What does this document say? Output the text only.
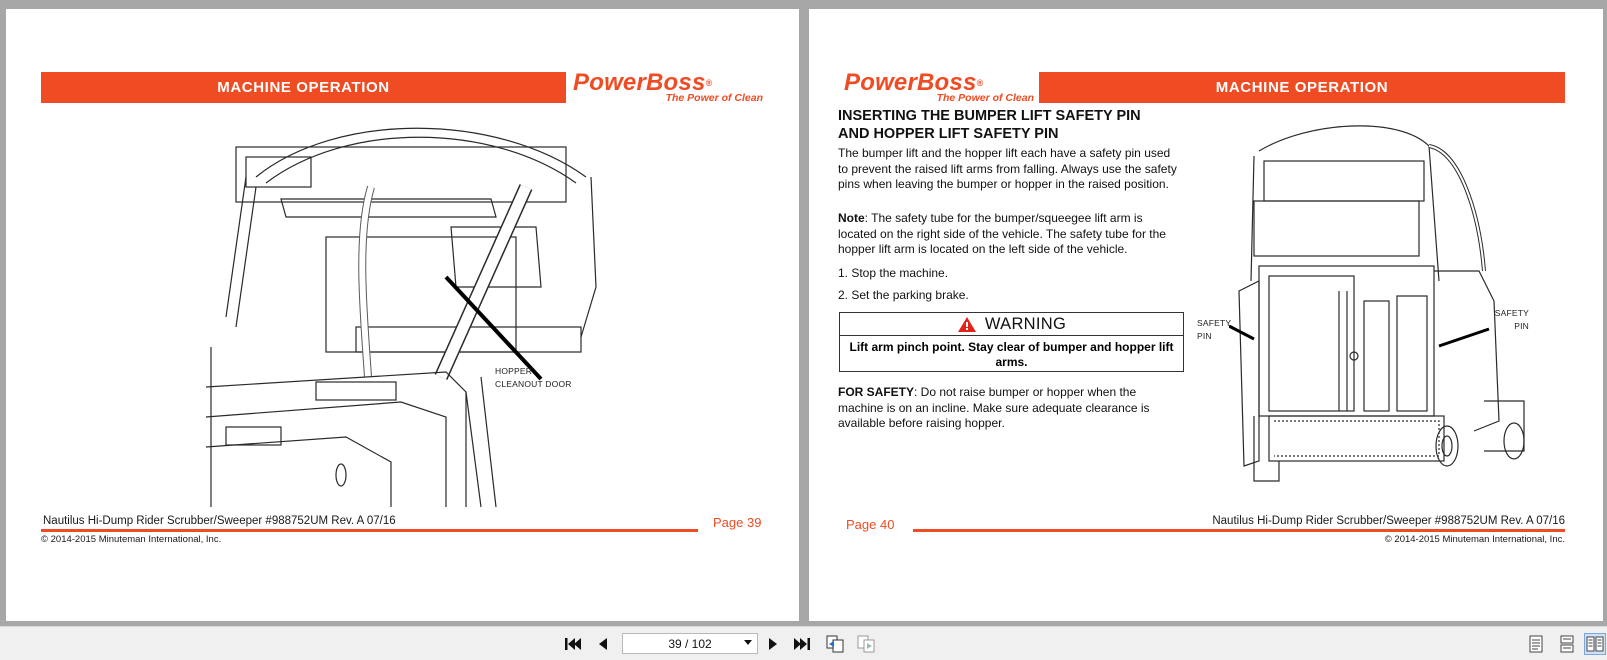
MACHINE OPERATION	PowerBoss®
The Power of Clean
HOPPER
CLEANOUT DOOR
Nautilus Hi-Dump Rider Scrubber/Sweeper #988752UM Rev. A 07/16
© 2014-2015 Minuteman International, Inc.
Page 39
PowerBoss®
The Power of Clean
MACHINE OPERATION
INSERTING THE BUMPER LIFT SAFETY PIN
AND HOPPER LIFT SAFETY PIN
The bumper lift and the hopper lift each have a safety pin used to prevent the raised lift arms from falling. Always use the safety pins when leaving the bumper or hopper in the raised position.
Note: The safety tube for the bumper/squeegee lift arm is located on the right side of the vehicle. The safety tube for the hopper lift arm is located on the left side of the vehicle.
1. Stop the machine.
2. Set the parking brake.
WARNING
Lift arm pinch point. Stay clear of bumper and hopper lift arms.
FOR SAFETY: Do not raise bumper or hopper when the machine is on an incline. Make sure adequate clearance is available before raising hopper.
SAFETY
PIN
SAFETY
PIN
Page 40	Nautilus Hi-Dump Rider Scrubber/Sweeper #988752UM Rev. A 07/16
© 2014-2015 Minuteman International, Inc.
39 / 102
